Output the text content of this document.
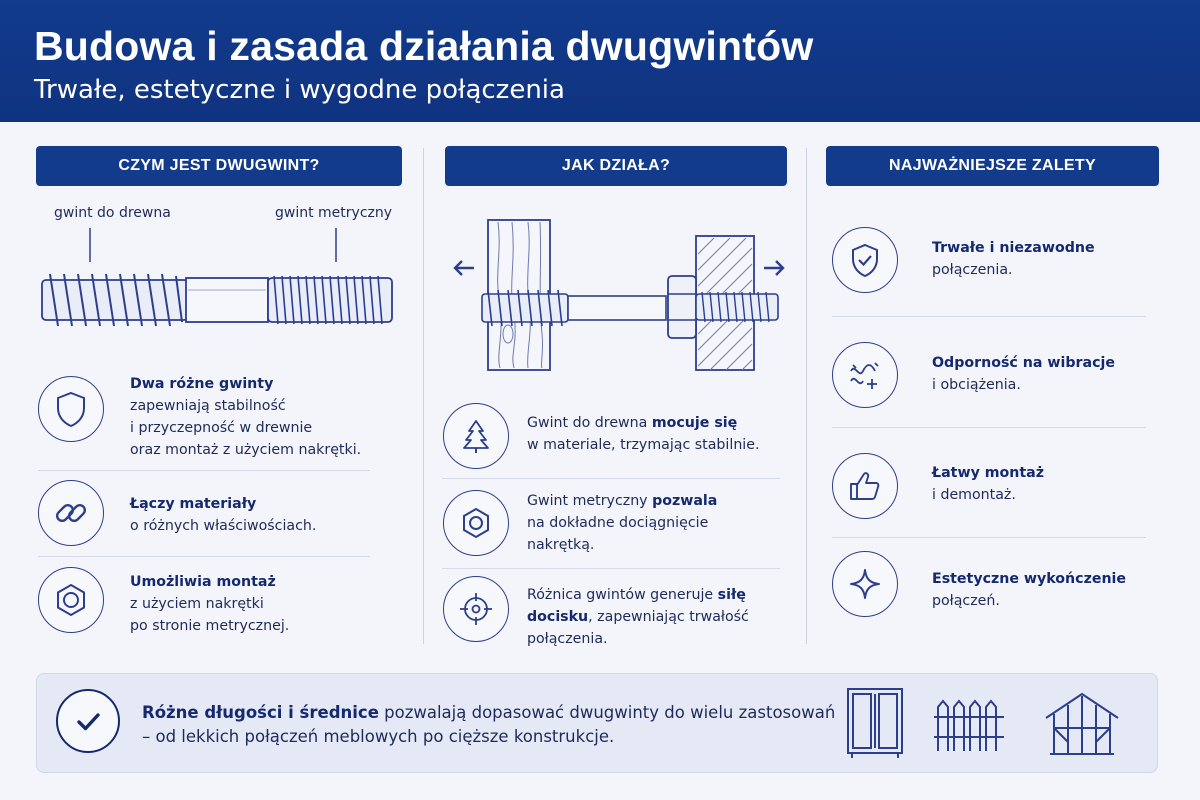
Budowa i zasada działania dwugwintów
Trwałe, estetyczne i wygodne połączenia
CZYM JEST DWUGWINT?	JAK DZIAŁA?	NAJWAŻNIEJSZE ZALETY
gwint do drewna	gwint metryczny
Dwa różne gwinty
zapewniają stabilność
i przyczepność w drewnie
oraz montaż z użyciem nakrętki.
Łączy materiały
o różnych właściwościach.
Umożliwia montaż
z użyciem nakrętki
po stronie metrycznej.
Gwint do drewna mocuje się
w materiale, trzymając stabilnie.
Gwint metryczny pozwala
na dokładne dociągnięcie
nakrętką.
Różnica gwintów generuje siłę
docisku, zapewniając trwałość
połączenia.
Trwałe i niezawodne
połączenia.
Odporność na wibracje
i obciążenia.
Łatwy montaż
i demontaż.
Estetyczne wykończenie
połączeń.
Różne długości i średnice pozwalają dopasować dwugwinty do wielu zastosowań
– od lekkich połączeń meblowych po cięższe konstrukcje.
